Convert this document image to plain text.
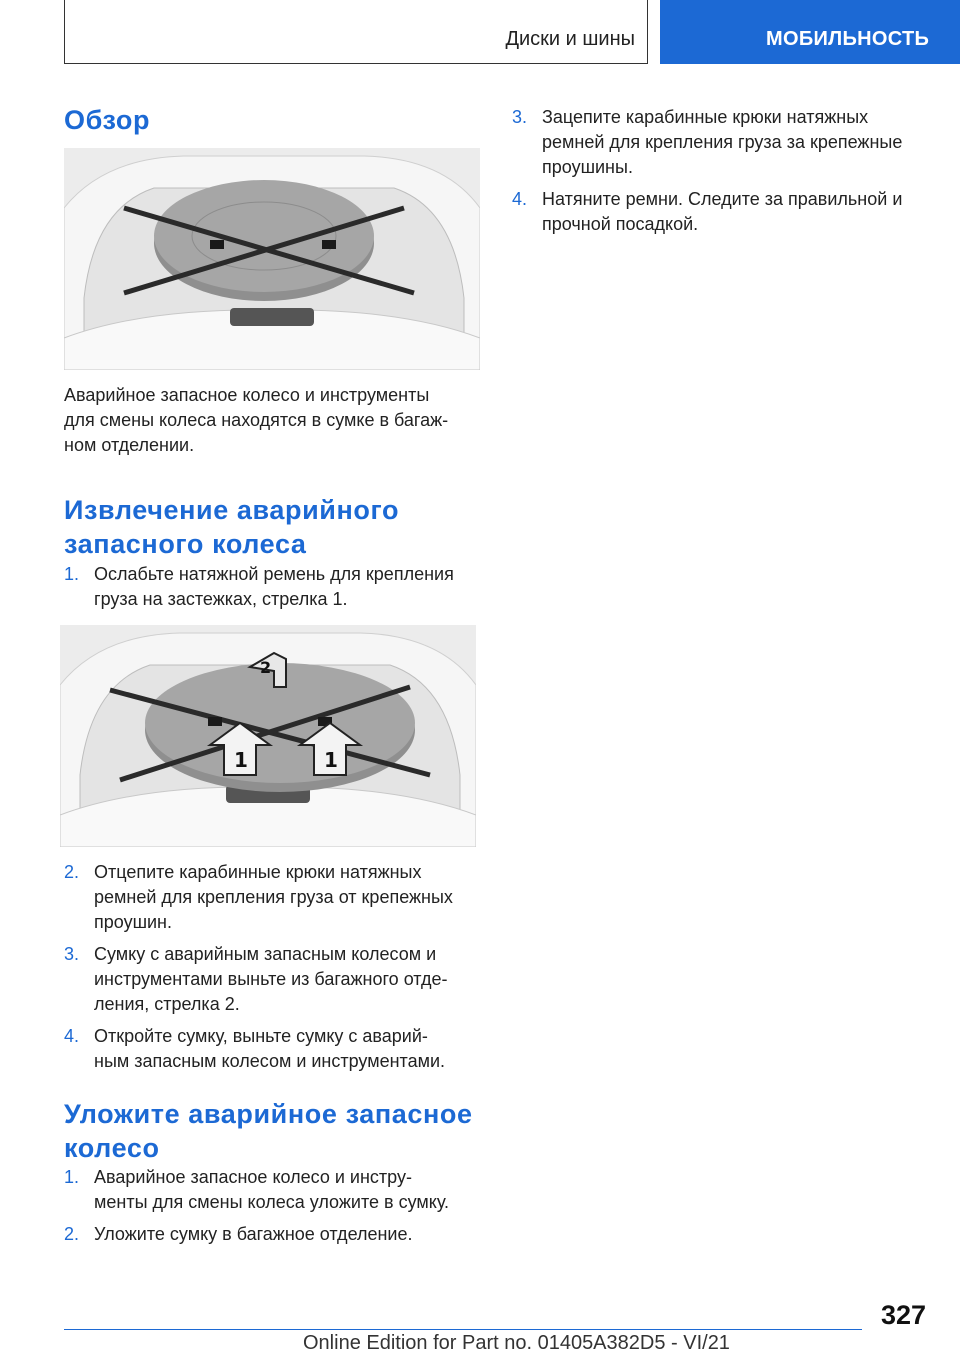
Диски и шины	МОБИЛЬНОСТЬ
Обзор

Аварийное запасное колесо и инструменты

для смены колеса находятся в сумке в багаж-

ном отделении.

Извлечение аварийного
запасного колеса
1. Ослабьте натяжной ремень для крепления
груза на застежках, стрелка 1.
2
1	1
2. Отцепите карабинные крюки натяжных
ремней для крепления груза от крепежных
проушин.
3. Сумку с аварийным запасным колесом и
инструментами выньте из багажного отде-
ления, стрелка 2.
4. Откройте сумку, выньте сумку с аварий-
ным запасным колесом и инструментами.
Уложите аварийное запасное
колесо
1. Аварийное запасное колесо и инстру-
менты для смены колеса уложите в сумку.
2. Уложите сумку в багажное отделение.
3. Зацепите карабинные крюки натяжных
ремней для крепления груза за крепежные
проушины.
4. Натяните ремни. Следите за правильной и
прочной посадкой.
327
Online Edition for Part no. 01405A382D5 - VI/21
